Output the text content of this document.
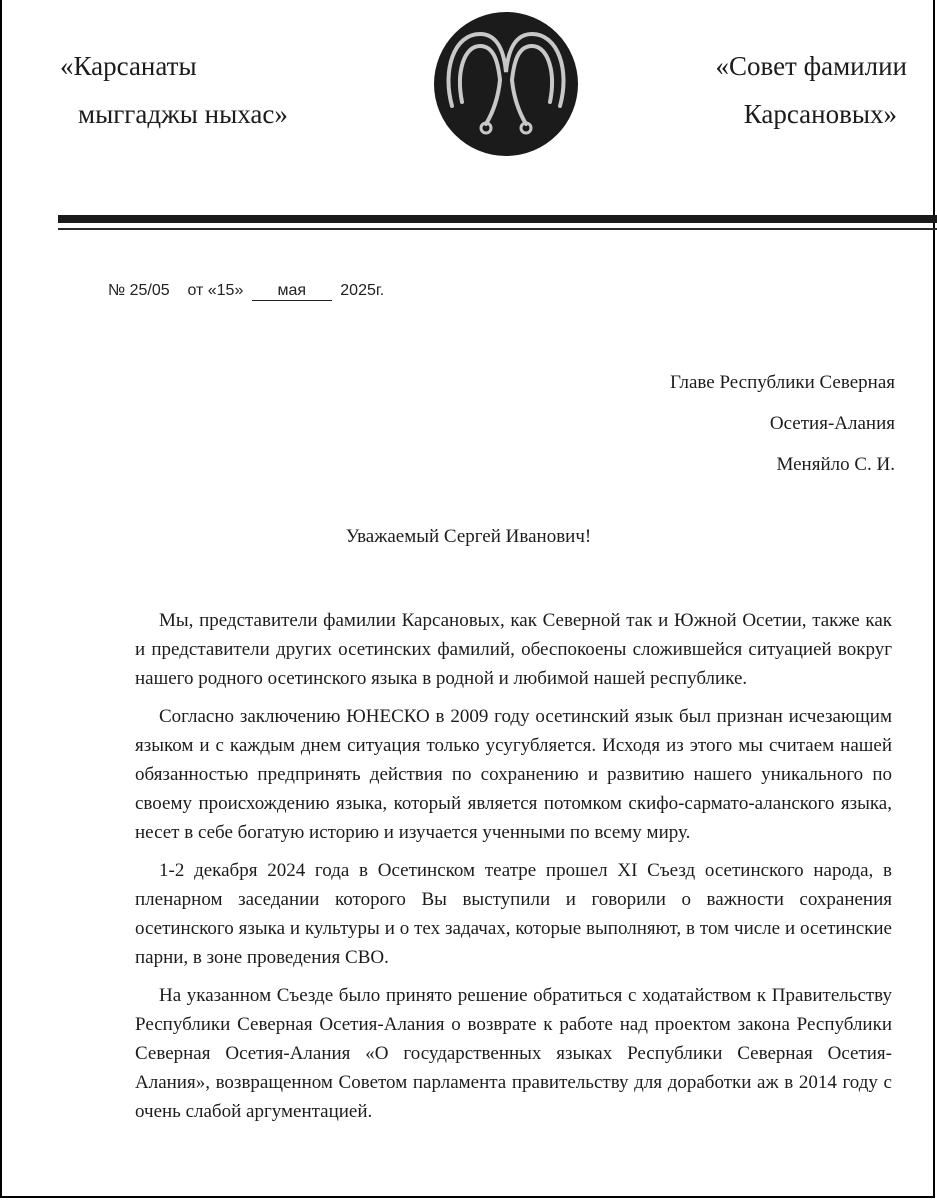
«Карсанаты
мыггаджы ныхас»
«Совет фамилии
Карсановых»
№ 25/05 от «15» мая 2025г.
Главе Республики Северная
Осетия-Алания
Меняйло С. И.
Уважаемый Сергей Иванович!

Мы, представители фамилии Карсановых, как Северной так и Южной Осетии, также как и представители других осетинских фамилий, обеспокоены сложившейся ситуацией вокруг нашего родного осетинского языка в родной и любимой нашей республике.

Согласно заключению ЮНЕСКО в 2009 году осетинский язык был признан исчезающим языком и с каждым днем ситуация только усугубляется. Исходя из этого мы считаем нашей обязанностью предпринять действия по сохранению и развитию нашего уникального по своему происхождению языка, который является потомком скифо-сарматo-аланского языка, несет в себе богатую историю и изучается ученными по всему миру.

1-2 декабря 2024 года в Осетинском театре прошел XI Съезд осетинского народа, в пленарном заседании которого Вы выступили и говорили о важности сохранения осетинского языка и культуры и о тех задачах, которые выполняют, в том числе и осетинские парни, в зоне проведения СВО.

На указанном Съезде было принято решение обратиться с ходатайством к Правительству Республики Северная Осетия-Алания о возврате к работе над проектом закона Республики Северная Осетия-Алания «О государственных языках Республики Северная Осетия-Алания», возвращенном Советом парламента правительству для доработки аж в 2014 году с очень слабой аргументацией.
